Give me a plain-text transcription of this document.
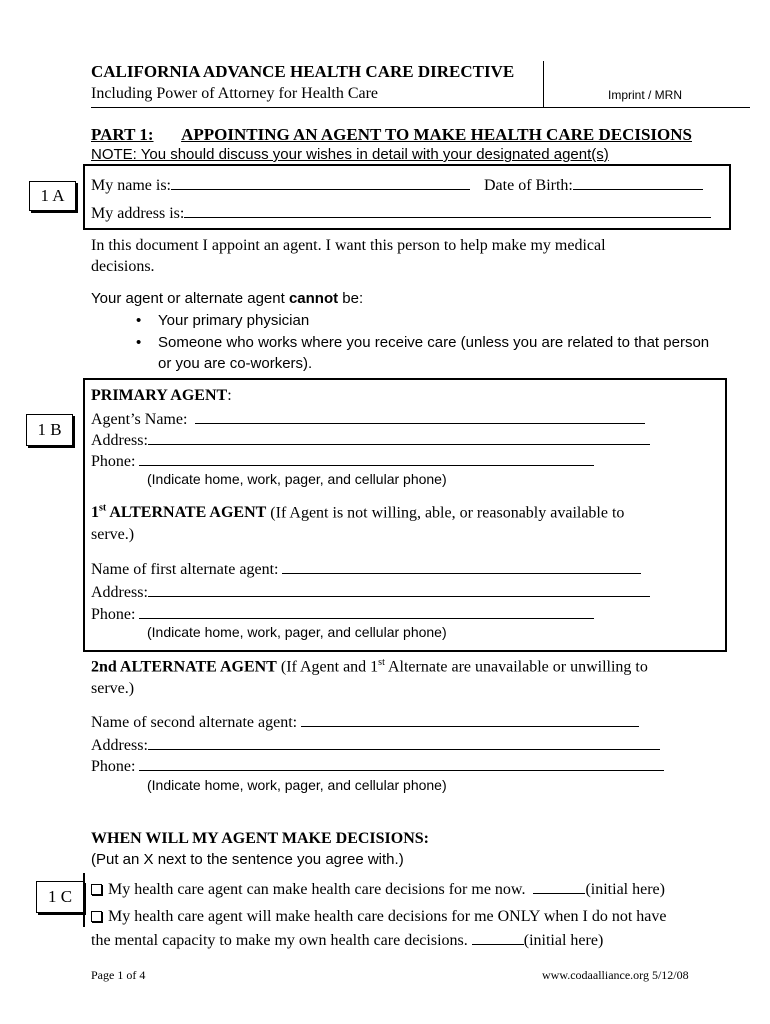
CALIFORNIA ADVANCE HEALTH CARE DIRECTIVE
Including Power of Attorney for Health Care	Imprint / MRN
PART 1: APPOINTING AN AGENT TO MAKE HEALTH CARE DECISIONS
NOTE: You should discuss your wishes in detail with your designated agent(s)
1 A
My name is:	Date of Birth:
My address is:
In this document I appoint an agent. I want this person to help make my medical
decisions.
Your agent or alternate agent cannot be:
• Your primary physician
• Someone who works where you receive care (unless you are related to that person
or you are co-workers).
1 B
PRIMARY AGENT:
Agent’s Name:
Address:
Phone:
(Indicate home, work, pager, and cellular phone)
1st ALTERNATE AGENT (If Agent is not willing, able, or reasonably available to
serve.)
Name of first alternate agent:
Address:
Phone:
(Indicate home, work, pager, and cellular phone)
2nd ALTERNATE AGENT (If Agent and 1st Alternate are unavailable or unwilling to
serve.)
Name of second alternate agent:
Address:
Phone:
(Indicate home, work, pager, and cellular phone)
WHEN WILL MY AGENT MAKE DECISIONS:
(Put an X next to the sentence you agree with.)
1 C	My health care agent can make health care decisions for me now.	(initial here)
My health care agent will make health care decisions for me ONLY when I do not have
the mental capacity to make my own health care decisions.	(initial here)
Page 1 of 4	www.codaalliance.org 5/12/08
